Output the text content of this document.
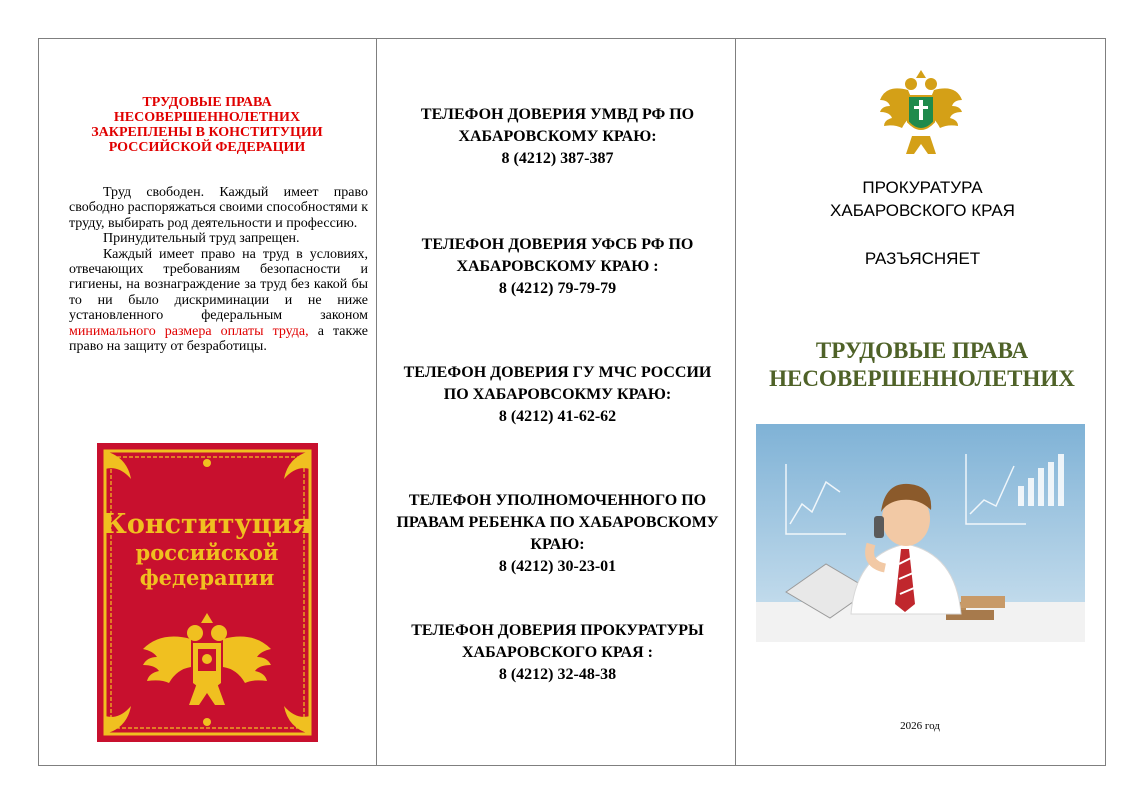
ТРУДОВЫЕ ПРАВА НЕСОВЕРШЕННОЛЕТНИХ ЗАКРЕПЛЕНЫ В КОНСТИТУЦИИ РОССИЙСКОЙ ФЕДЕРАЦИИ

Труд свободен. Каждый имеет право свободно распоряжаться своими способностями к труду, выбирать род деятельности и профессию.

Принудительный труд запрещен.

Каждый имеет право на труд в условиях, отвечающих требованиям безопасности и гигиены, на вознаграждение за труд без какой бы то ни было дискриминации и не ниже установленного федеральным законом минимального размера оплаты труда, а также право на защиту от безработицы.

Конституция
российской
федерации
ТЕЛЕФОН ДОВЕРИЯ УМВД РФ ПО ХАБАРОВСКОМУ КРАЮ:
8 (4212) 387-387
ТЕЛЕФОН ДОВЕРИЯ УФСБ РФ ПО ХАБАРОВСКОМУ КРАЮ :
8 (4212) 79-79-79
ТЕЛЕФОН ДОВЕРИЯ ГУ МЧС РОССИИ ПО ХАБАРОВСОКМУ КРАЮ:
8 (4212) 41-62-62
ТЕЛЕФОН УПОЛНОМОЧЕННОГО ПО ПРАВАМ РЕБЕНКА ПО ХАБАРОВСКОМУ КРАЮ:
8 (4212) 30-23-01
ТЕЛЕФОН ДОВЕРИЯ ПРОКУРАТУРЫ ХАБАРОВСКОГО КРАЯ :
8 (4212) 32-48-38
ПРОКУРАТУРА
ХАБАРОВСКОГО КРАЯ
РАЗЪЯСНЯЕТ
ТРУДОВЫЕ ПРАВА
НЕСОВЕРШЕННОЛЕТНИХ
2026 год
